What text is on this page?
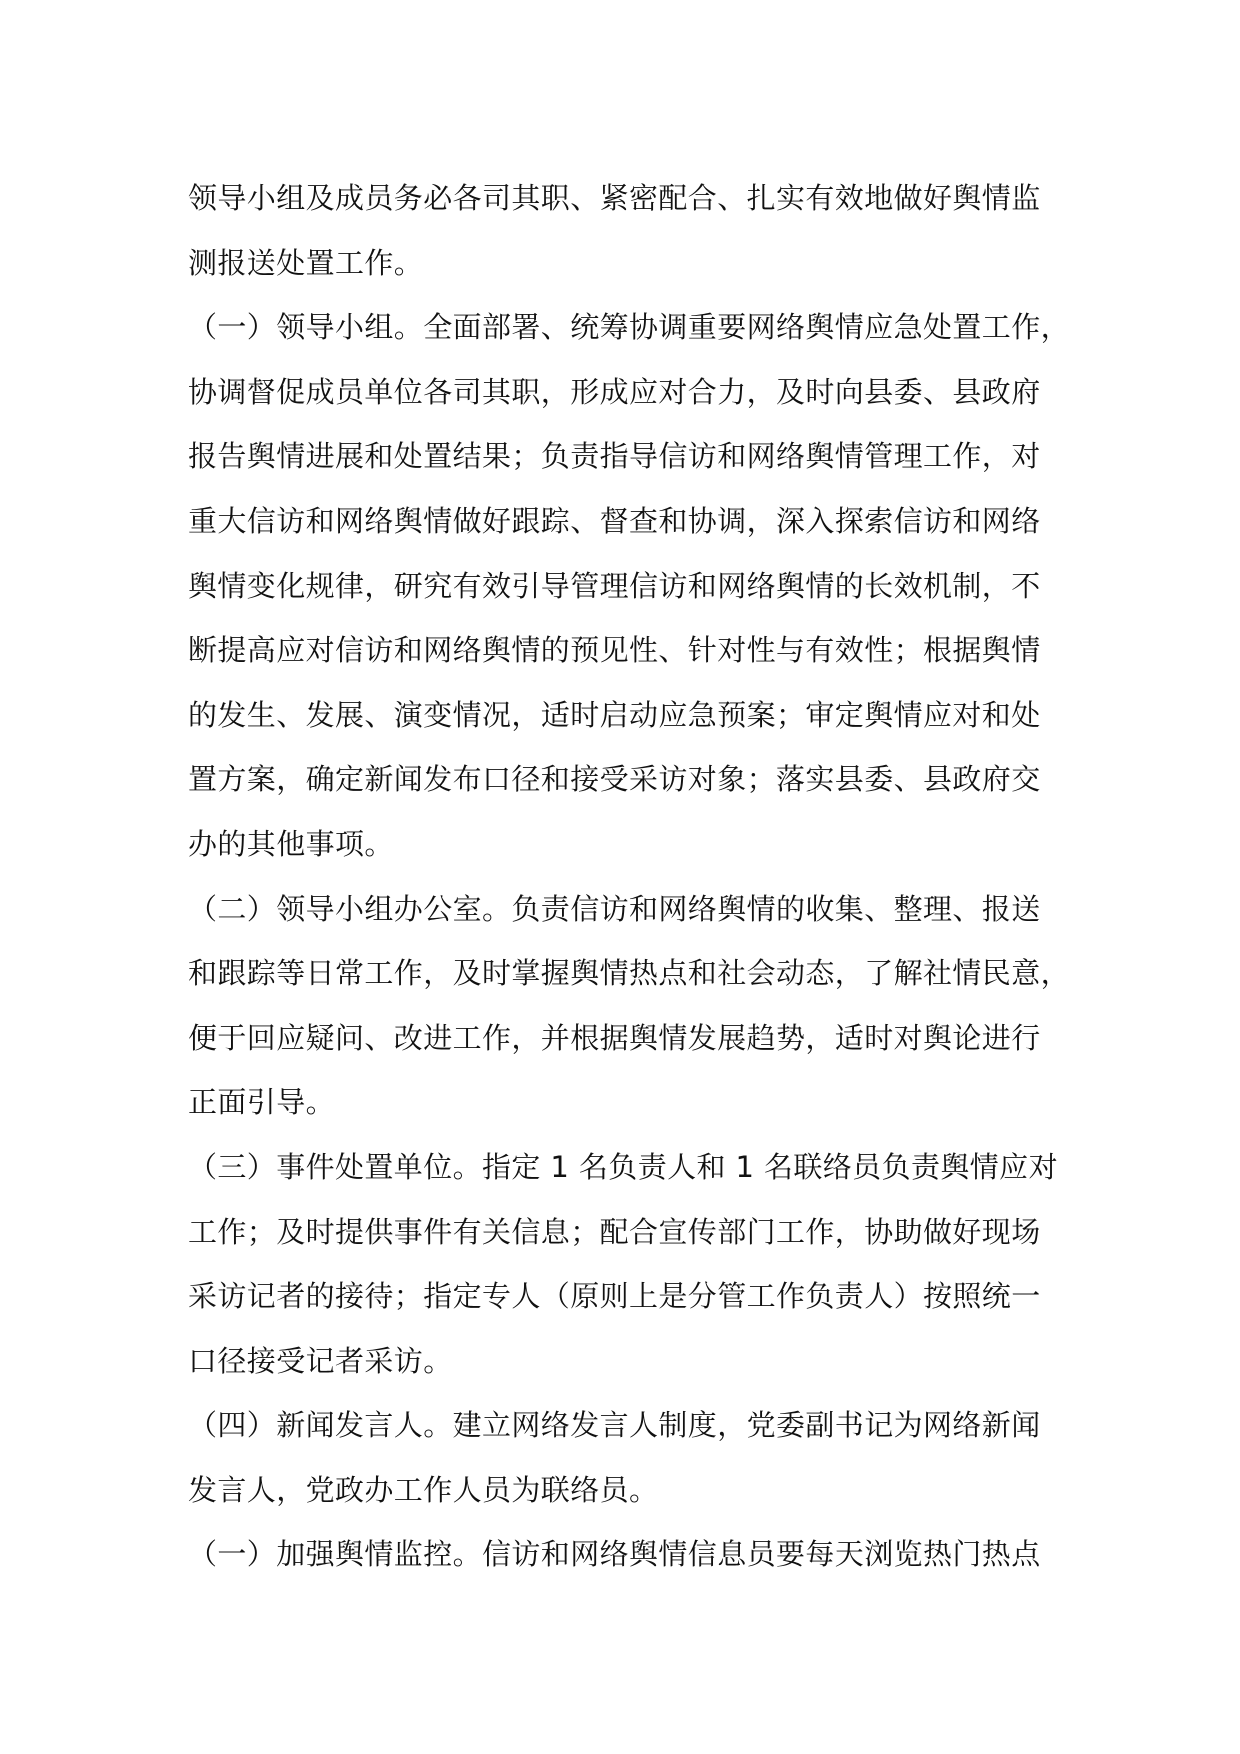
领导小组及成员务必各司其职、紧密配合、扎实有效地做好舆情监
测报送处置工作。
（一）领导小组。全面部署、统筹协调重要网络舆情应急处置工作，
协调督促成员单位各司其职，形成应对合力，及时向县委、县政府
报告舆情进展和处置结果；负责指导信访和网络舆情管理工作，对
重大信访和网络舆情做好跟踪、督查和协调，深入探索信访和网络
舆情变化规律，研究有效引导管理信访和网络舆情的长效机制，不
断提高应对信访和网络舆情的预见性、针对性与有效性；根据舆情
的发生、发展、演变情况，适时启动应急预案；审定舆情应对和处
置方案，确定新闻发布口径和接受采访对象；落实县委、县政府交
办的其他事项。
（二）领导小组办公室。负责信访和网络舆情的收集、整理、报送
和跟踪等日常工作，及时掌握舆情热点和社会动态，了解社情民意，
便于回应疑问、改进工作，并根据舆情发展趋势，适时对舆论进行
正面引导。
（三）事件处置单位。指定 1 名负责人和 1 名联络员负责舆情应对
工作；及时提供事件有关信息；配合宣传部门工作，协助做好现场
采访记者的接待；指定专人（原则上是分管工作负责人）按照统一
口径接受记者采访。
（四）新闻发言人。建立网络发言人制度，党委副书记为网络新闻
发言人，党政办工作人员为联络员。
（一）加强舆情监控。信访和网络舆情信息员要每天浏览热门热点
